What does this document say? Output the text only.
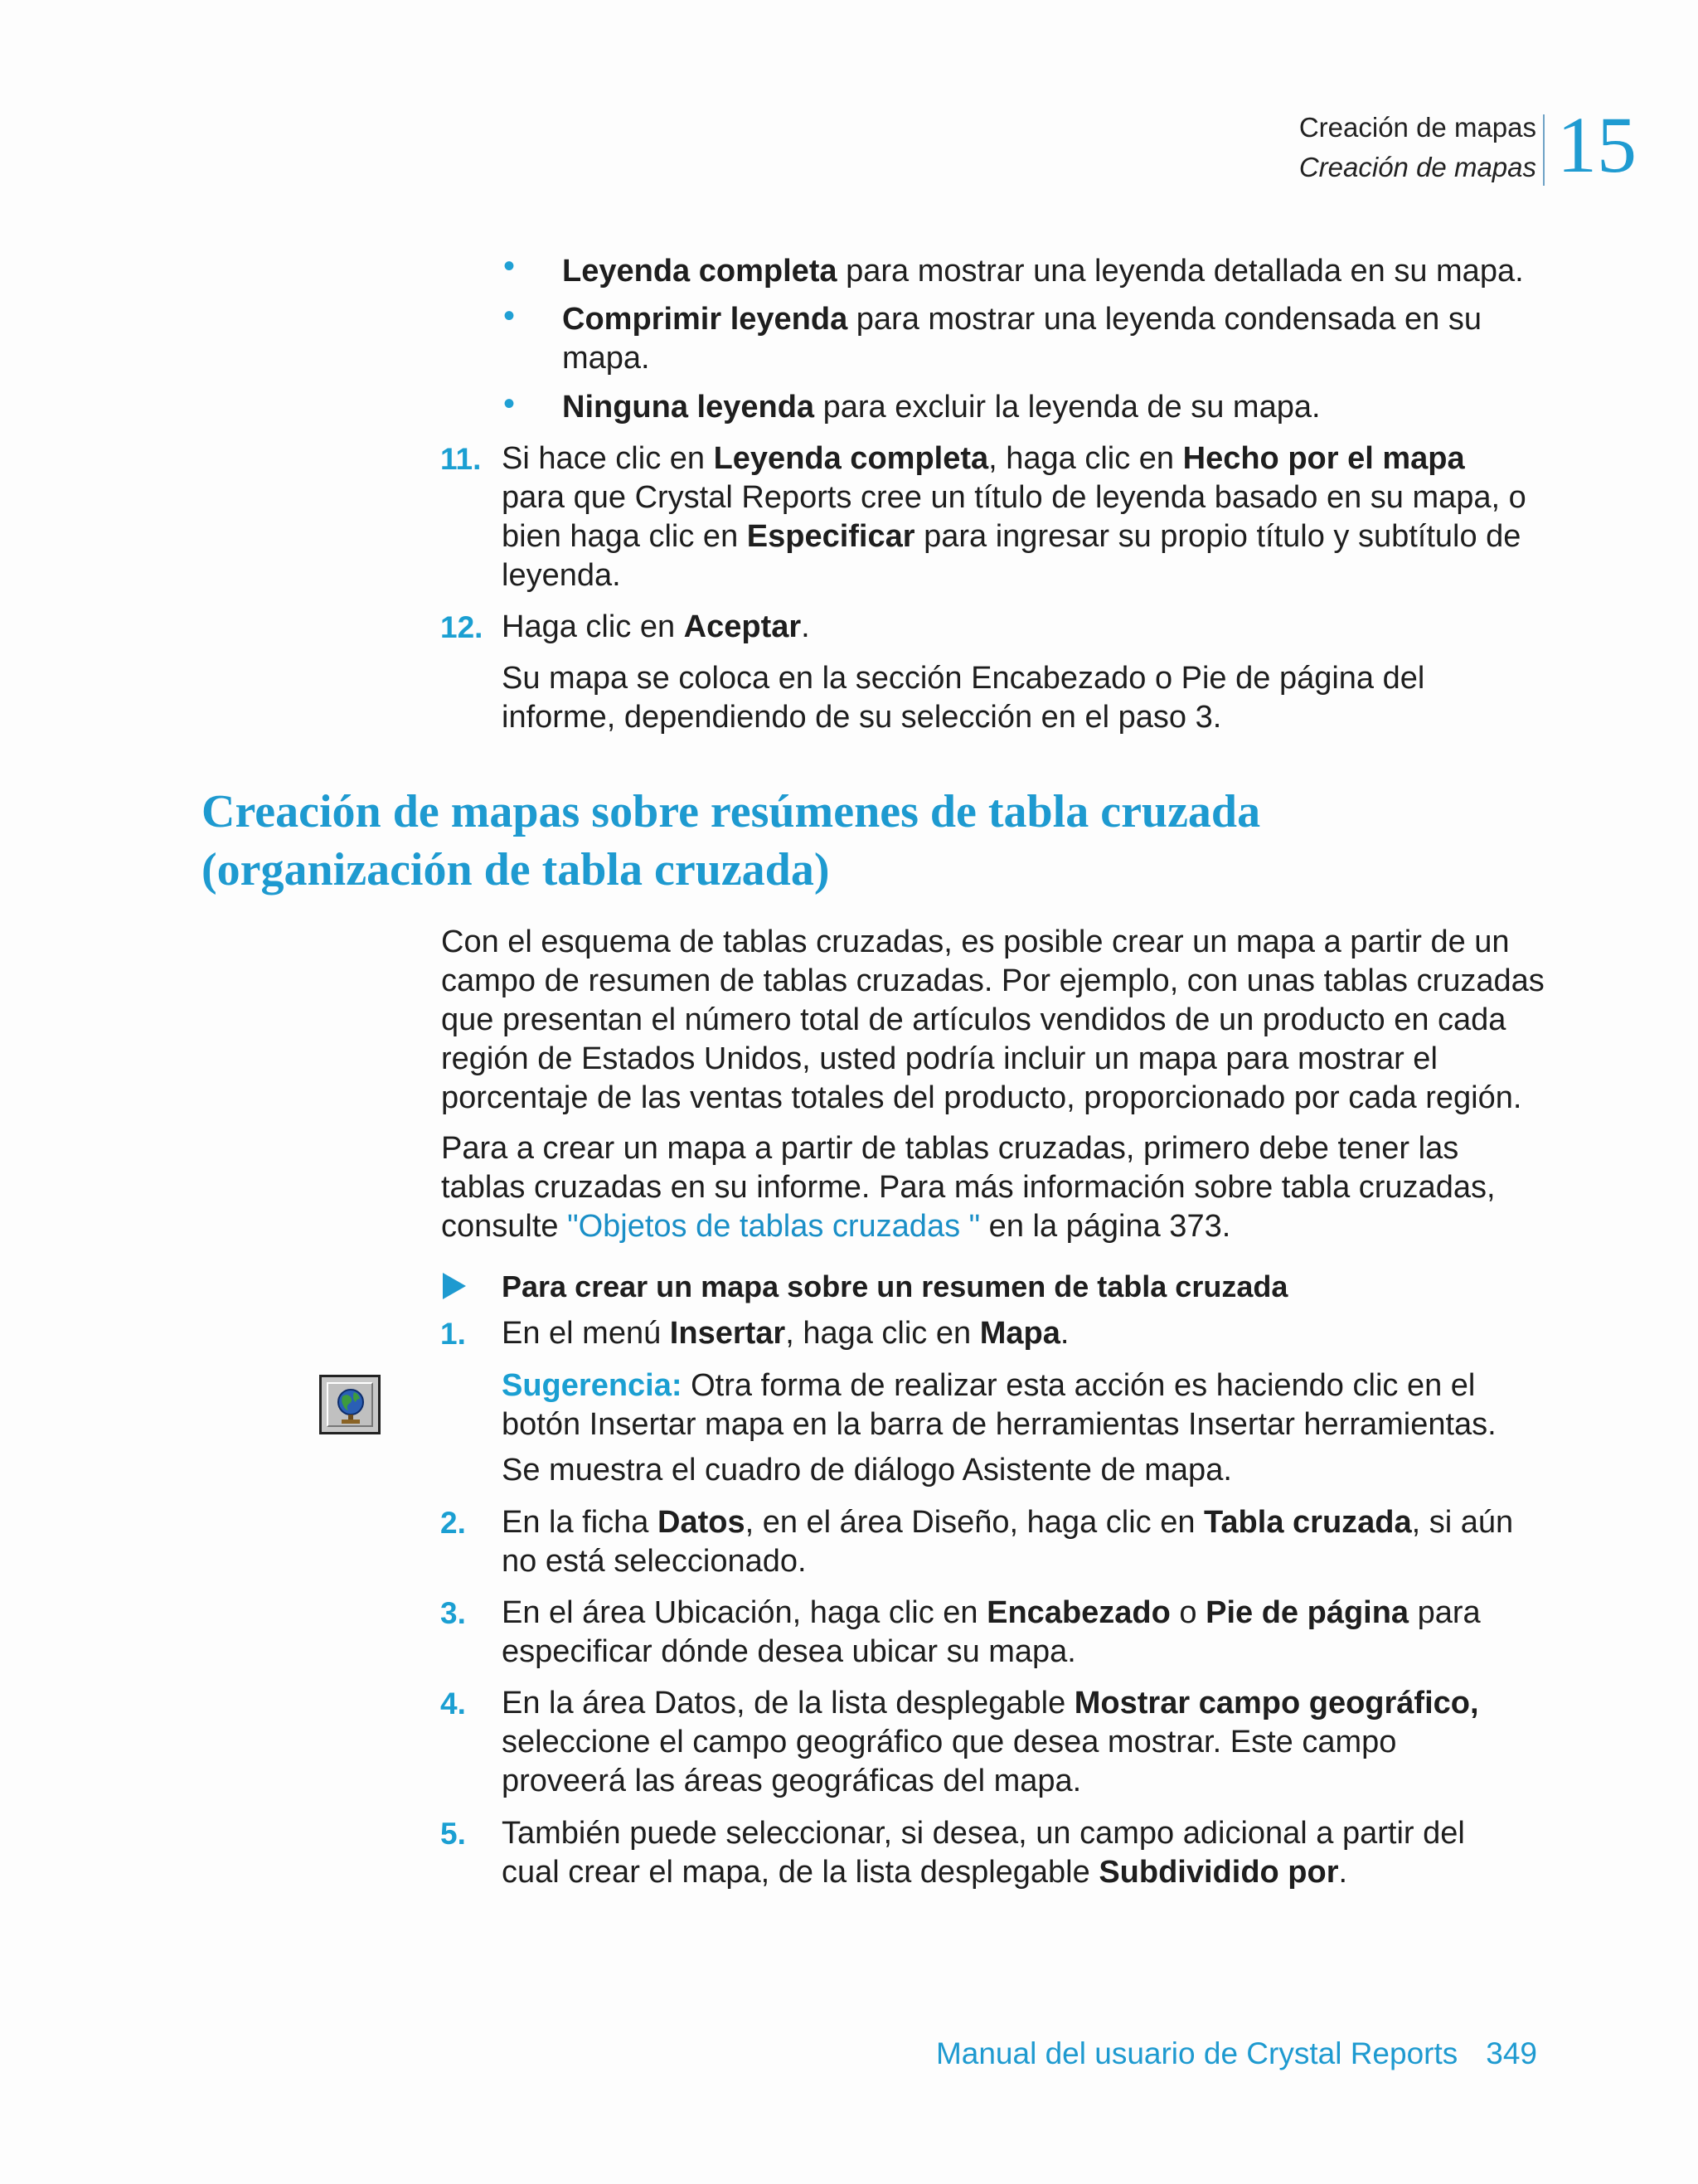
Creación de mapas
Creación de mapas 15
• Leyenda completa para mostrar una leyenda detallada en su mapa.

• Comprimir leyenda para mostrar una leyenda condensada en su
mapa.

• Ninguna leyenda para excluir la leyenda de su mapa.

11. Si hace clic en Leyenda completa, haga clic en Hecho por el mapa
para que Crystal Reports cree un título de leyenda basado en su mapa, o
bien haga clic en Especificar para ingresar su propio título y subtítulo de
leyenda.

12. Haga clic en Aceptar.

Su mapa se coloca en la sección Encabezado o Pie de página del
informe, dependiendo de su selección en el paso 3.

Creación de mapas sobre resúmenes de tabla cruzada
(organización de tabla cruzada)

Con el esquema de tablas cruzadas, es posible crear un mapa a partir de un
campo de resumen de tablas cruzadas. Por ejemplo, con unas tablas cruzadas
que presentan el número total de artículos vendidos de un producto en cada
región de Estados Unidos, usted podría incluir un mapa para mostrar el
porcentaje de las ventas totales del producto, proporcionado por cada región.

Para a crear un mapa a partir de tablas cruzadas, primero debe tener las
tablas cruzadas en su informe. Para más información sobre tabla cruzadas,
consulte "Objetos de tablas cruzadas " en la página 373.

Para crear un mapa sobre un resumen de tabla cruzada
1. En el menú Insertar, haga clic en Mapa.

Sugerencia: Otra forma de realizar esta acción es haciendo clic en el
botón Insertar mapa en la barra de herramientas Insertar herramientas.

Se muestra el cuadro de diálogo Asistente de mapa.

2. En la ficha Datos, en el área Diseño, haga clic en Tabla cruzada, si aún
no está seleccionado.

3. En el área Ubicación, haga clic en Encabezado o Pie de página para
especificar dónde desea ubicar su mapa.

4. En la área Datos, de la lista desplegable Mostrar campo geográfico,
seleccione el campo geográfico que desea mostrar. Este campo
proveerá las áreas geográficas del mapa.

5. También puede seleccionar, si desea, un campo adicional a partir del
cual crear el mapa, de la lista desplegable Subdividido por.

Manual del usuario de Crystal Reports 349
